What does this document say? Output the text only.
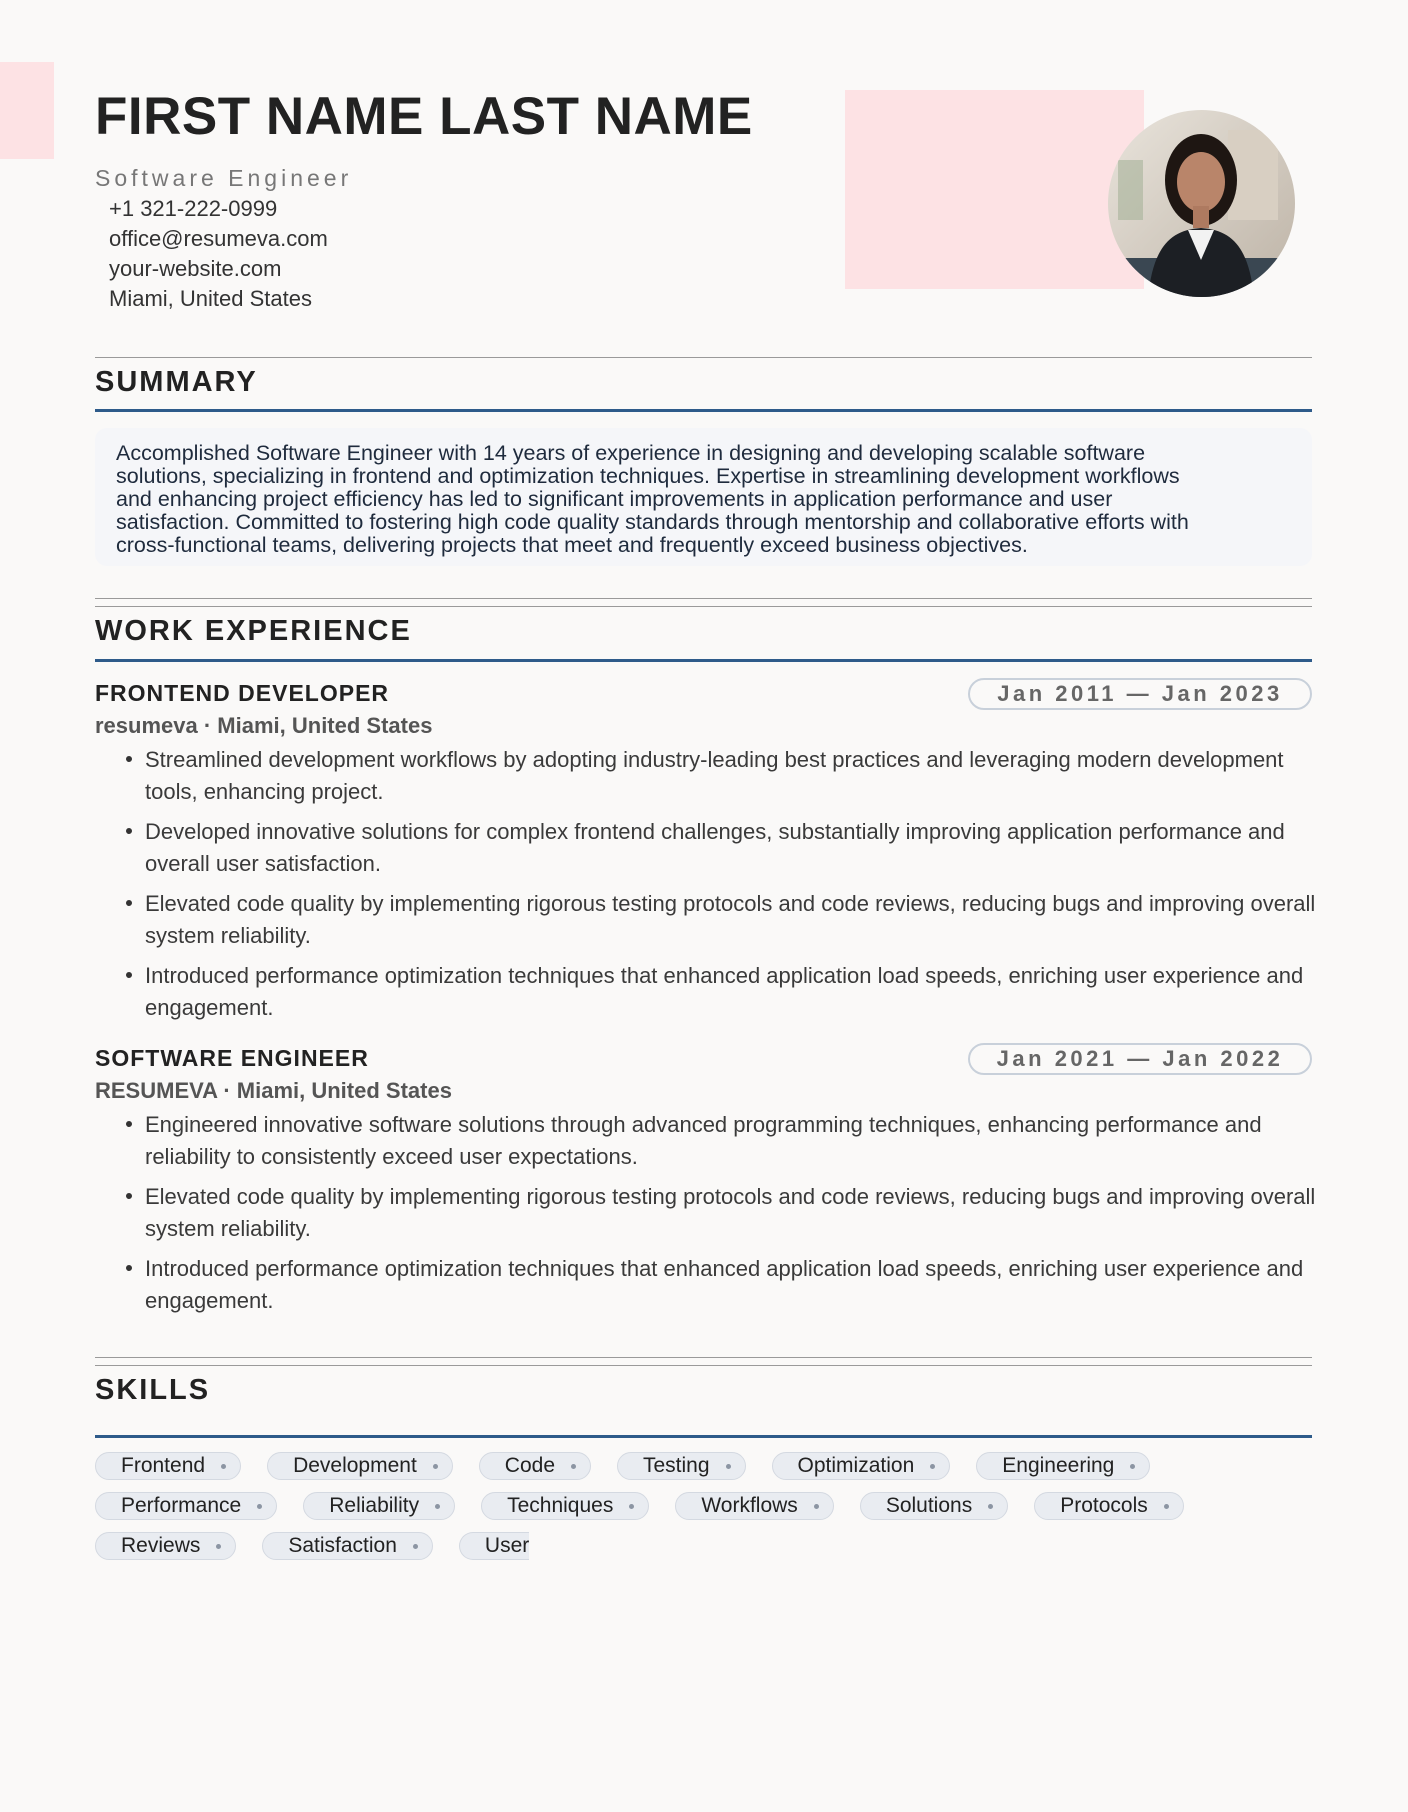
FIRST NAME LAST NAME
Software Engineer
+1 321-222-0999
office@resumeva.com
your-website.com
Miami, United States
SUMMARY
Accomplished Software Engineer with 14 years of experience in designing and developing scalable software
solutions, specializing in frontend and optimization techniques. Expertise in streamlining development workflows
and enhancing project efficiency has led to significant improvements in application performance and user
satisfaction. Committed to fostering high code quality standards through mentorship and collaborative efforts with
cross-functional teams, delivering projects that meet and frequently exceed business objectives.
WORK EXPERIENCE
FRONTEND DEVELOPER	Jan 2011 — Jan 2023
resumeva · Miami, United States
Streamlined development workflows by adopting industry-leading best practices and leveraging modern development tools, enhancing project.
Developed innovative solutions for complex frontend challenges, substantially improving application performance and overall user satisfaction.
Elevated code quality by implementing rigorous testing protocols and code reviews, reducing bugs and improving overall system reliability.
Introduced performance optimization techniques that enhanced application load speeds, enriching user experience and engagement.
SOFTWARE ENGINEER	Jan 2021 — Jan 2022
RESUMEVA · Miami, United States
Engineered innovative software solutions through advanced programming techniques, enhancing performance and reliability to consistently exceed user expectations.
Elevated code quality by implementing rigorous testing protocols and code reviews, reducing bugs and improving overall system reliability.
Introduced performance optimization techniques that enhanced application load speeds, enriching user experience and engagement.
SKILLS
Frontend	Development	Code	Testing	Optimization	Engineering
Performance	Reliability	Techniques	Workflows	Solutions	Protocols
Reviews	Satisfaction	User
